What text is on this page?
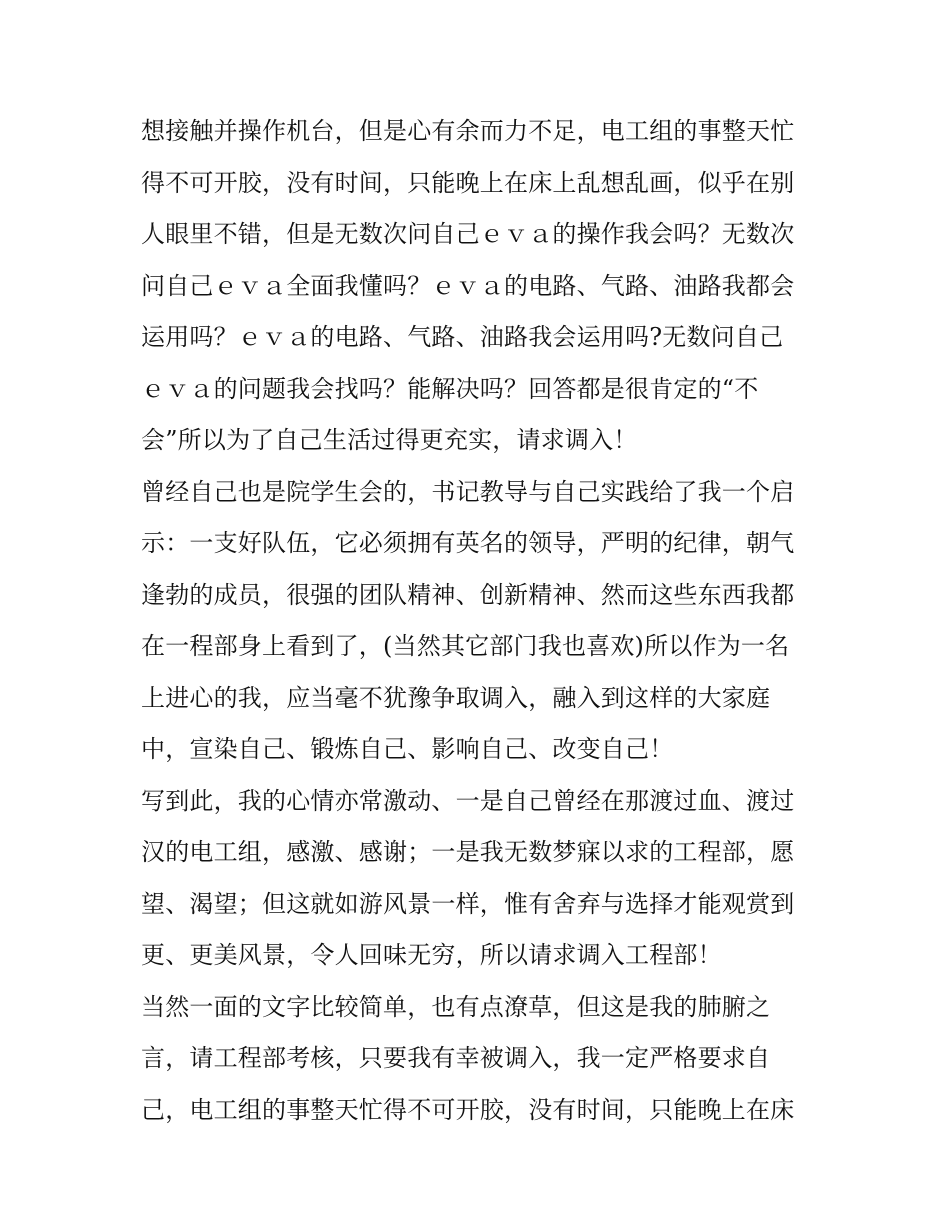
想接触并操作机台，但是心有余而力不足，电工组的事整天忙
得不可开胶，没有时间，只能晚上在床上乱想乱画，似乎在别
人眼里不错，但是无数次问自己ｅｖａ的操作我会吗？无数次
问自己ｅｖａ全面我懂吗？ｅｖａ的电路、气路、油路我都会
运用吗？ｅｖａ的电路、气路、油路我会运用吗?无数问自己
ｅｖａ的问题我会找吗？能解决吗？回答都是很肯定的“不
会”所以为了自己生活过得更充实，请求调入！
曾经自己也是院学生会的，书记教导与自己实践给了我一个启
示：一支好队伍，它必须拥有英名的领导，严明的纪律，朝气
逢勃的成员，很强的团队精神、创新精神、然而这些东西我都
在一程部身上看到了，(当然其它部门我也喜欢)所以作为一名
上进心的我，应当毫不犹豫争取调入，融入到这样的大家庭
中，宣染自己、锻炼自己、影响自己、改变自己！
写到此，我的心情亦常激动、一是自己曾经在那渡过血、渡过
汉的电工组，感激、感谢；一是我无数梦寐以求的工程部，愿
望、渴望；但这就如游风景一样，惟有舍弃与选择才能观赏到
更、更美风景，令人回味无穷，所以请求调入工程部！
当然一面的文字比较简单，也有点潦草，但这是我的肺腑之
言，请工程部考核，只要我有幸被调入，我一定严格要求自
己，电工组的事整天忙得不可开胶，没有时间，只能晚上在床
